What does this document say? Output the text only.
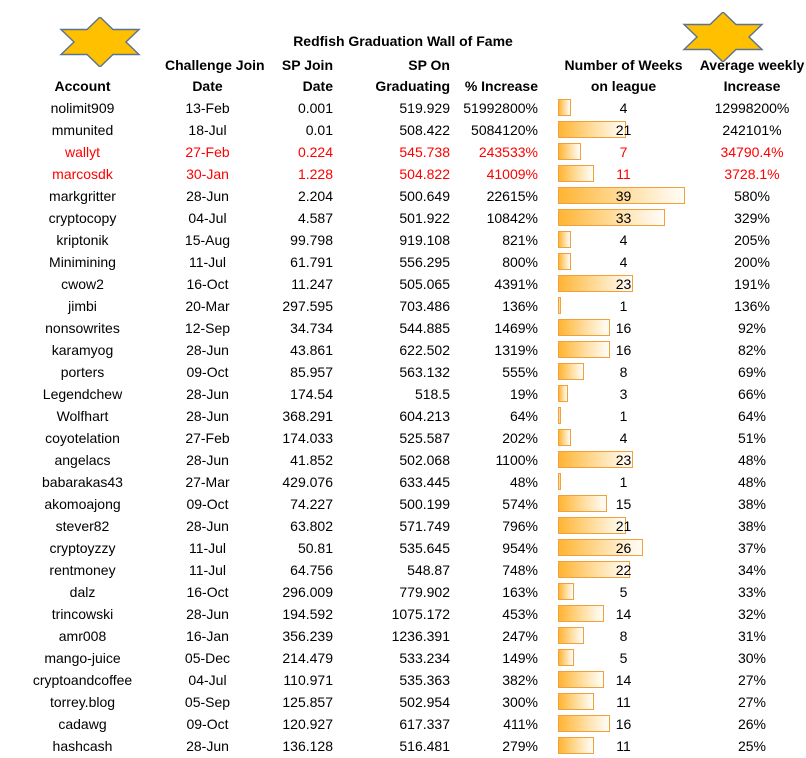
Redfish Graduation Wall of Fame
Challenge Join	SP Join	SP On	Number of Weeks	Average weekly
Account	Date	Date	Graduating	% Increase	on league	Increase
nolimit909	13-Feb	0.001	519.929 51992800%	4	12998200%
mmunited	18-Jul	0.01	508.422	5084120%	21	242101%
wallyt	27-Feb	0.224	545.738	243533%	7	34790.4%
marcosdk	30-Jan	1.228	504.822	41009%	11	3728.1%
markgritter	28-Jun	2.204	500.649	22615%	39	580%
cryptocopy	04-Jul	4.587	501.922	10842%	33	329%
kriptonik	15-Aug	99.798	919.108	821%	4	205%
Minimining	11-Jul	61.791	556.295	800%	4	200%
cwow2	16-Oct	11.247	505.065	4391%	23	191%
jimbi	20-Mar	297.595	703.486	136%	1	136%
nonsowrites	12-Sep	34.734	544.885	1469%	16	92%
karamyog	28-Jun	43.861	622.502	1319%	16	82%
porters	09-Oct	85.957	563.132	555%	8	69%
Legendchew	28-Jun	174.54	518.5	19%	3	66%
Wolfhart	28-Jun	368.291	604.213	64%	1	64%
coyotelation	27-Feb	174.033	525.587	202%	4	51%
angelacs	28-Jun	41.852	502.068	1100%	23	48%
babarakas43	27-Mar	429.076	633.445	48%	1	48%
akomoajong	09-Oct	74.227	500.199	574%	15	38%
stever82	28-Jun	63.802	571.749	796%	21	38%
cryptoyzzy	11-Jul	50.81	535.645	954%	26	37%
rentmoney	11-Jul	64.756	548.87	748%	22	34%
dalz	16-Oct	296.009	779.902	163%	5	33%
trincowski	28-Jun	194.592	1075.172	453%	14	32%
amr008	16-Jan	356.239	1236.391	247%	8	31%
mango-juice	05-Dec	214.479	533.234	149%	5	30%
cryptoandcoffee	04-Jul	110.971	535.363	382%	14	27%
torrey.blog	05-Sep	125.857	502.954	300%	11	27%
cadawg	09-Oct	120.927	617.337	411%	16	26%
hashcash	28-Jun	136.128	516.481	279%	11	25%
